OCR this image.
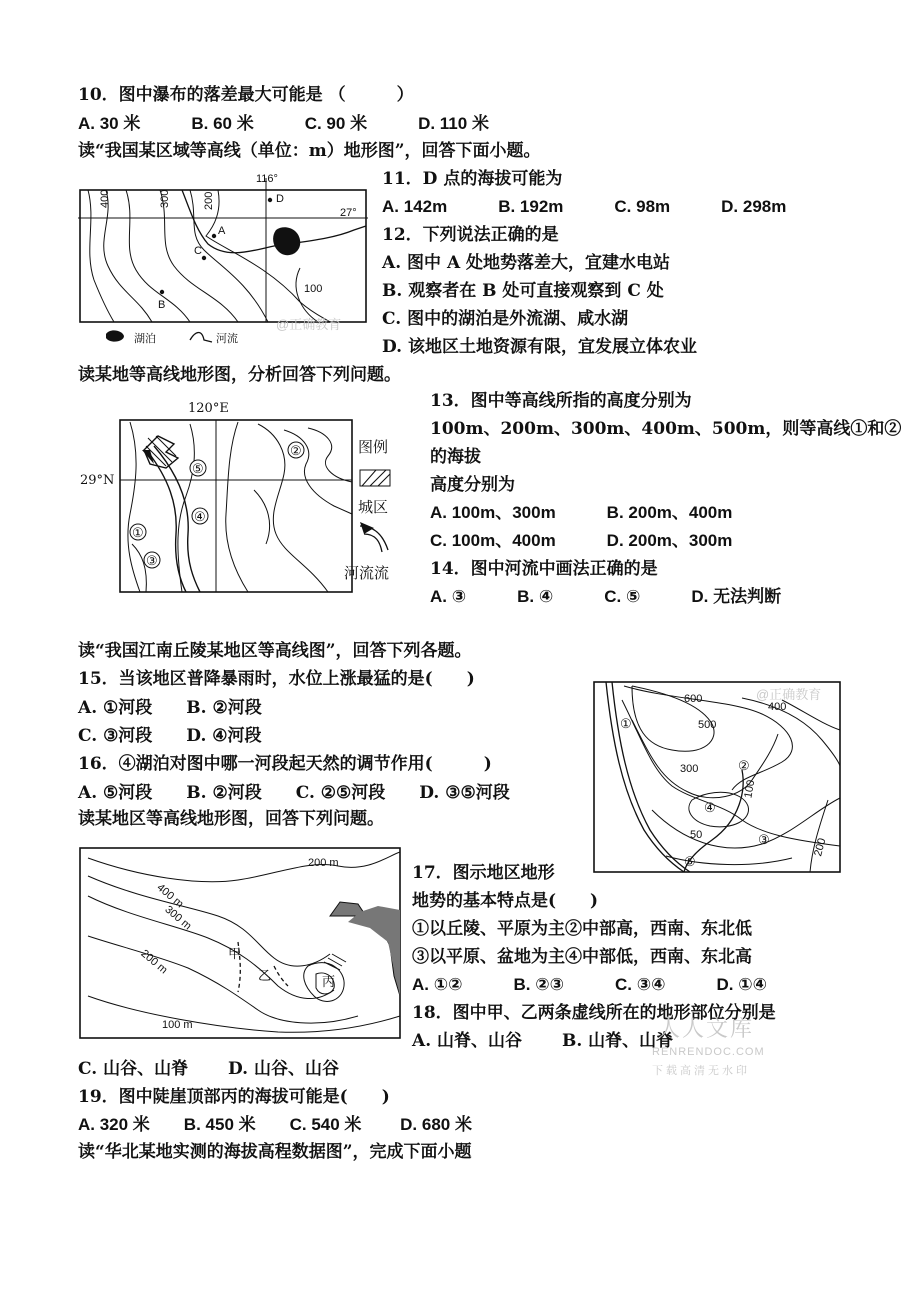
10．图中瀑布的落差最大可能是 （　　　）
A. 30 米　　　B. 60 米　　　C. 90 米　　　D. 110 米
读“我国某区域等高线（单位：m）地形图”，回答下面小题。
116°
27°
400	300	200
100
A
B
C
D
湖泊	河流
@正确教育
11．D 点的海拔可能为
A. 142m　　　B. 192m　　　C. 98m　　　D. 298m
12．下列说法正确的是
A. 图中 A 处地势落差大，宜建水电站
B. 观察者在 B 处可直接观察到 C 处
C. 图中的湖泊是外流湖、咸水湖
D. 该地区土地资源有限，宜发展立体农业
读某地等高线地形图，分析回答下列问题。
120°E
29°N
⑤
②
④
①
③
图例
城区
河流流
13．图中等高线所指的高度分别为
100m、200m、300m、400m、500m，则等高线①和②
的海拔
高度分别为
A. 100m、300m　　　B. 200m、400m
C. 100m、400m　　　D. 200m、300m
14．图中河流中画法正确的是
A. ③　　　B. ④　　　C. ⑤　　　D. 无法判断
读“我国江南丘陵某地区等高线图”，回答下列各题。
15．当该地区普降暴雨时，水位上涨最猛的是(　　)
A. ①河段　　B. ②河段
C. ③河段　　D. ④河段
16．④湖泊对图中哪一河段起天然的调节作用(　　　)
A. ⑤河段　　B. ②河段　　C. ②⑤河段　　D. ③⑤河段
读某地区等高线地形图，回答下列问题。
600
500
400
300
100
50
200
①
②
③
④
⑤
@正确教育
海
200 m
400 m
300 m
200 m
100 m
甲
乙	丙
17．图示地区地形
地势的基本特点是(　　)
①以丘陵、平原为主②中部高，西南、东北低
③以平原、盆地为主④中部低，西南、东北高
A. ①②　　　B. ②③　　　C. ③④　　　D. ①④
18．图中甲、乙两条虚线所在的地形部位分别是
A. 山脊、山谷　　 B. 山脊、山脊
C. 山谷、山脊　　 D. 山谷、山谷
人人文库
RENRENDOC.COM
下载高清无水印
19．图中陡崖顶部丙的海拔可能是(　　)
A. 320 米　　B. 450 米　　C. 540 米　　 D. 680 米
读“华北某地实测的海拔高程数据图”，完成下面小题
